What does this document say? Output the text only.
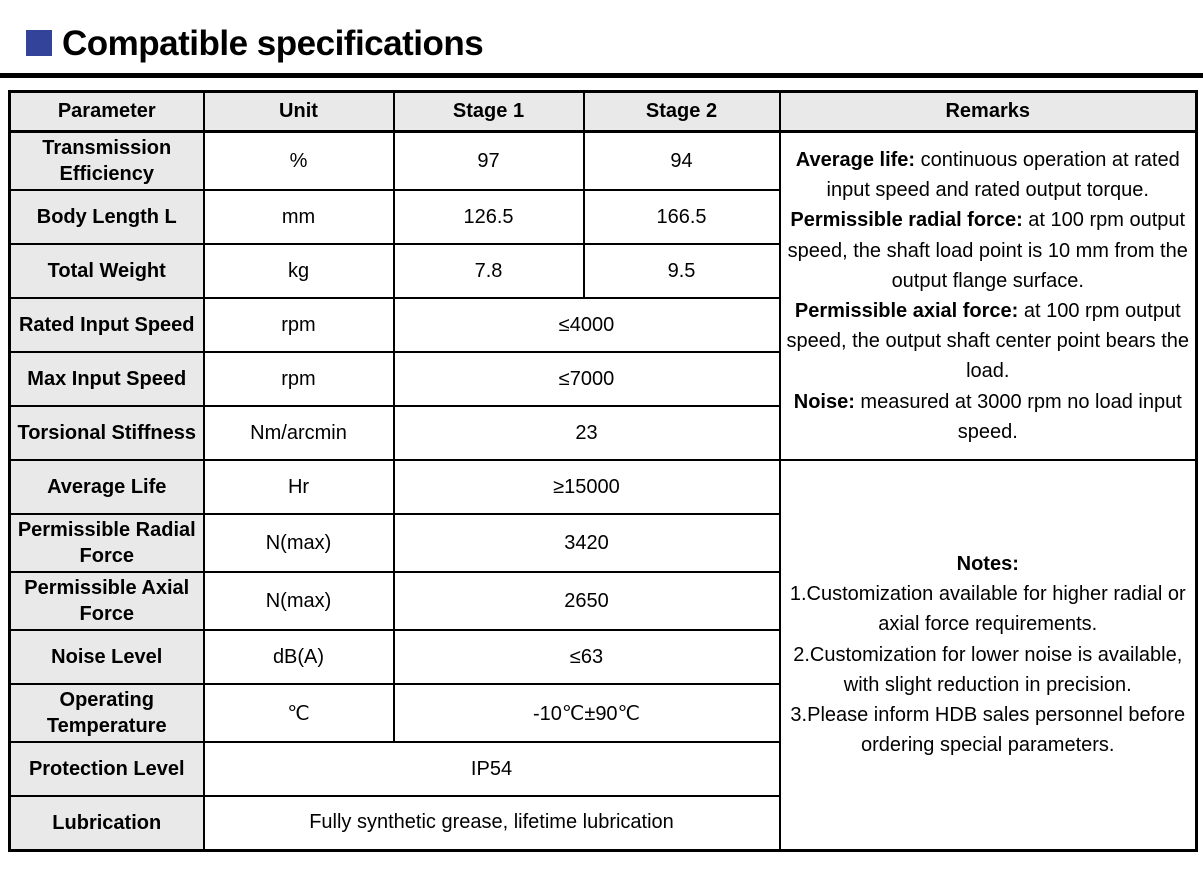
Compatible specifications
Parameter	Unit	Stage 1	Stage 2	Remarks
Transmission Efficiency	%	97	94	Average life: continuous operation at rated input speed and rated output torque.
Permissible radial force: at 100 rpm output speed, the shaft load point is 10 mm from the output flange surface.
Permissible axial force: at 100 rpm output speed, the output shaft center point bears the load.
Noise: measured at 3000 rpm no load input speed.

Body Length L	mm	126.5	166.5	
Total Weight	kg	7.8	9.5	
Rated Input Speed	rpm	≤4000		
Max Input Speed	rpm	≤7000		
Torsional Stiffness	Nm/arcmin	23		
Average Life	Hr	≥15000		Notes:
1.Customization available for higher radial or axial force requirements.
2.Customization for lower noise is available, with slight reduction in precision.
3.Please inform HDB sales personnel before ordering special parameters.

Permissible Radial Force	N(max)	3420		
Permissible Axial Force	N(max)	2650		
Noise Level	dB(A)	≤63		
Operating Temperature	℃	-10℃±90℃		
Protection Level	IP54			
Lubrication	Fully synthetic grease, lifetime lubrication			
